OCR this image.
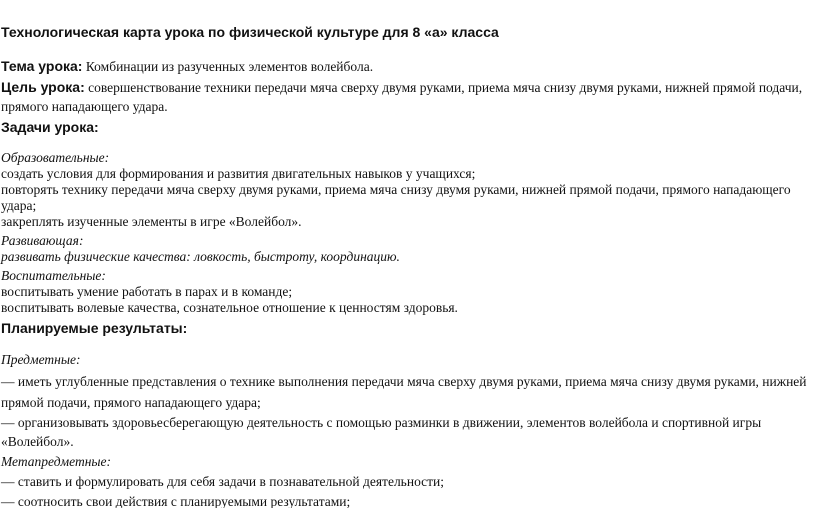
Технологическая карта урока по физической культуре для 8 «а» класса
Тема урока: Комбинации из разученных элементов волейбола.
Цель урока: совершенствование техники передачи мяча сверху двумя руками, приема мяча снизу двумя руками, нижней прямой подачи,
прямого нападающего удара.
Задачи урока:
Образовательные:
создать условия для формирования и развития двигательных навыков у учащихся;
повторять технику передачи мяча сверху двумя руками, приема мяча снизу двумя руками, нижней прямой подачи, прямого нападающего
удара;
закреплять изученные элементы в игре «Волейбол».
Развивающая:
развивать физические качества: ловкость, быстроту, координацию.
Воспитательные:
воспитывать умение работать в парах и в команде;
воспитывать волевые качества, сознательное отношение к ценностям здоровья.
Планируемые результаты:
Предметные:
— иметь углубленные представления о технике выполнения передачи мяча сверху двумя руками, приема мяча снизу двумя руками, нижней
прямой подачи, прямого нападающего удара;
— организовывать здоровьесберегающую деятельность с помощью разминки в движении, элементов волейбола и спортивной игры
«Волейбол».
Метапредметные:
— ставить и формулировать для себя задачи в познавательной деятельности;
— соотносить свои действия с планируемыми результатами;
